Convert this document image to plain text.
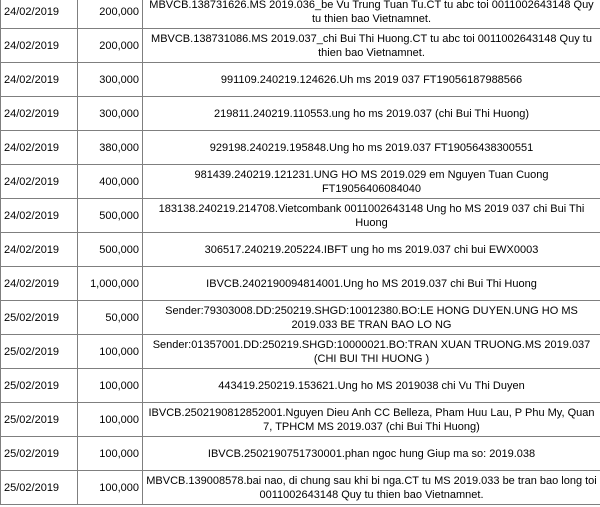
24/02/2019	200,000	MBVCB.138731626.MS 2019.036_be Vu Trung Tuan Tu.CT tu abc toi 0011002643148 Quy tu thien bao Vietnamnet.
24/02/2019	200,000	MBVCB.138731086.MS 2019.037_chi Bui Thi Huong.CT tu abc toi 0011002643148 Quy tu thien bao Vietnamnet.
24/02/2019	300,000	991109.240219.124626.Uh ms 2019 037 FT19056187988566
24/02/2019	300,000	219811.240219.110553.ung ho ms 2019.037 (chi Bui Thi Huong)
24/02/2019	380,000	929198.240219.195848.Ung ho ms 2019.037 FT19056438300551
24/02/2019	400,000	981439.240219.121231.UNG HO MS 2019.029 em Nguyen Tuan Cuong FT19056406084040
24/02/2019	500,000	183138.240219.214708.Vietcombank 0011002643148 Ung ho MS 2019 037 chi Bui Thi Huong
24/02/2019	500,000	306517.240219.205224.IBFT ung ho ms 2019.037 chi bui EWX0003
24/02/2019	1,000,000	IBVCB.2402190094814001.Ung ho MS 2019.037 chi Bui Thi Huong
25/02/2019	50,000	Sender:79303008.DD:250219.SHGD:10012380.BO:LE HONG DUYEN.UNG HO MS 2019.033 BE TRAN BAO LO NG
25/02/2019	100,000	Sender:01357001.DD:250219.SHGD:10000021.BO:TRAN XUAN TRUONG.MS 2019.037 (CHI BUI THI HUONG )
25/02/2019	100,000	443419.250219.153621.Ung ho MS 2019038 chi Vu Thi Duyen
25/02/2019	100,000	IBVCB.2502190812852001.Nguyen Dieu Anh CC Belleza, Pham Huu Lau, P Phu My, Quan 7, TPHCM MS 2019.037 (chi Bui Thi Huong)
25/02/2019	100,000	IBVCB.2502190751730001.phan ngoc hung Giup ma so: 2019.038
25/02/2019	100,000	MBVCB.139008578.bai nao, di chung sau khi bi nga.CT tu MS 2019.033 be tran bao long toi 0011002643148 Quy tu thien bao Vietnamnet.
